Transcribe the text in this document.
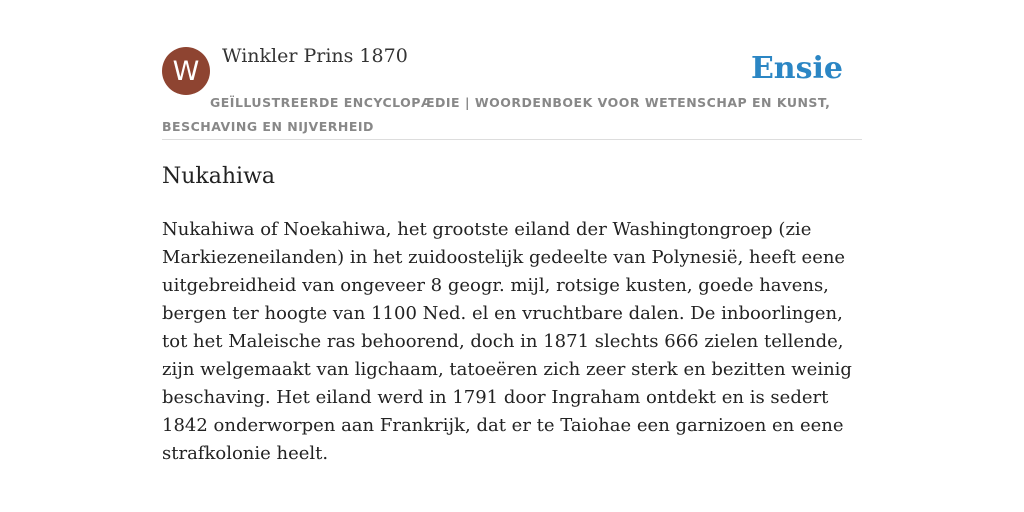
W Winkler Prins 1870	Ensie
GEÏLLUSTREERDE ENCYCLOPÆDIE | WOORDENBOEK VOOR WETENSCHAP EN KUNST, BESCHAVING EN NIJVERHEID
Nukahiwa

Nukahiwa of Noekahiwa, het grootste eiland der Washingtongroep (zie Markiezeneilanden) in het zuidoostelijk gedeelte van Polynesië, heeft eene uitgebreidheid van ongeveer 8 geogr. mijl, rotsige kusten, goede havens, bergen ter hoogte van 1100 Ned. el en vruchtbare dalen. De inboorlingen, tot het Maleische ras behoorend, doch in 1871 slechts 666 zielen tellende, zijn welgemaakt van ligchaam, tatoeëren zich zeer sterk en bezitten weinig beschaving. Het eiland werd in 1791 door Ingraham ontdekt en is sedert 1842 onderworpen aan Frankrijk, dat er te Taiohae een garnizoen en eene strafkolonie heelt.
